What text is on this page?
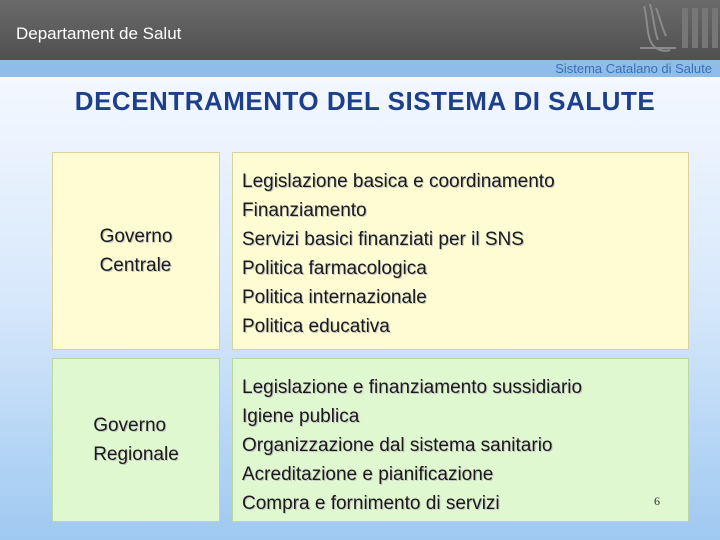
Departament de Salut
Sistema Catalano di Salute
DECENTRAMENTO DEL SISTEMA DI SALUTE
Governo
Centrale
Legislazione basica e coordinamento
Finanziamento
Servizi basici finanziati per il SNS
Politica farmacologica
Politica internazionale
Politica educativa
Governo
Regionale
Legislazione e finanziamento sussidiario
Igiene publica
Organizzazione dal sistema sanitario
Acreditazione e pianificazione
Compra e fornimento di servizi	6
